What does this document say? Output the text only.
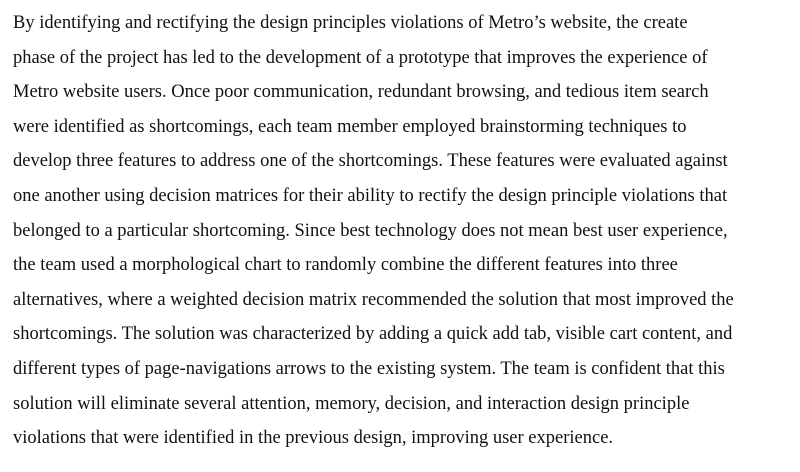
By identifying and rectifying the design principles violations of Metro’s website, the create
phase of the project has led to the development of a prototype that improves the experience of
Metro website users. Once poor communication, redundant browsing, and tedious item search
were identified as shortcomings, each team member employed brainstorming techniques to
develop three features to address one of the shortcomings. These features were evaluated against
one another using decision matrices for their ability to rectify the design principle violations that
belonged to a particular shortcoming. Since best technology does not mean best user experience,
the team used a morphological chart to randomly combine the different features into three
alternatives, where a weighted decision matrix recommended the solution that most improved the
shortcomings. The solution was characterized by adding a quick add tab, visible cart content, and
different types of page-navigations arrows to the existing system. The team is confident that this
solution will eliminate several attention, memory, decision, and interaction design principle
violations that were identified in the previous design, improving user experience.
